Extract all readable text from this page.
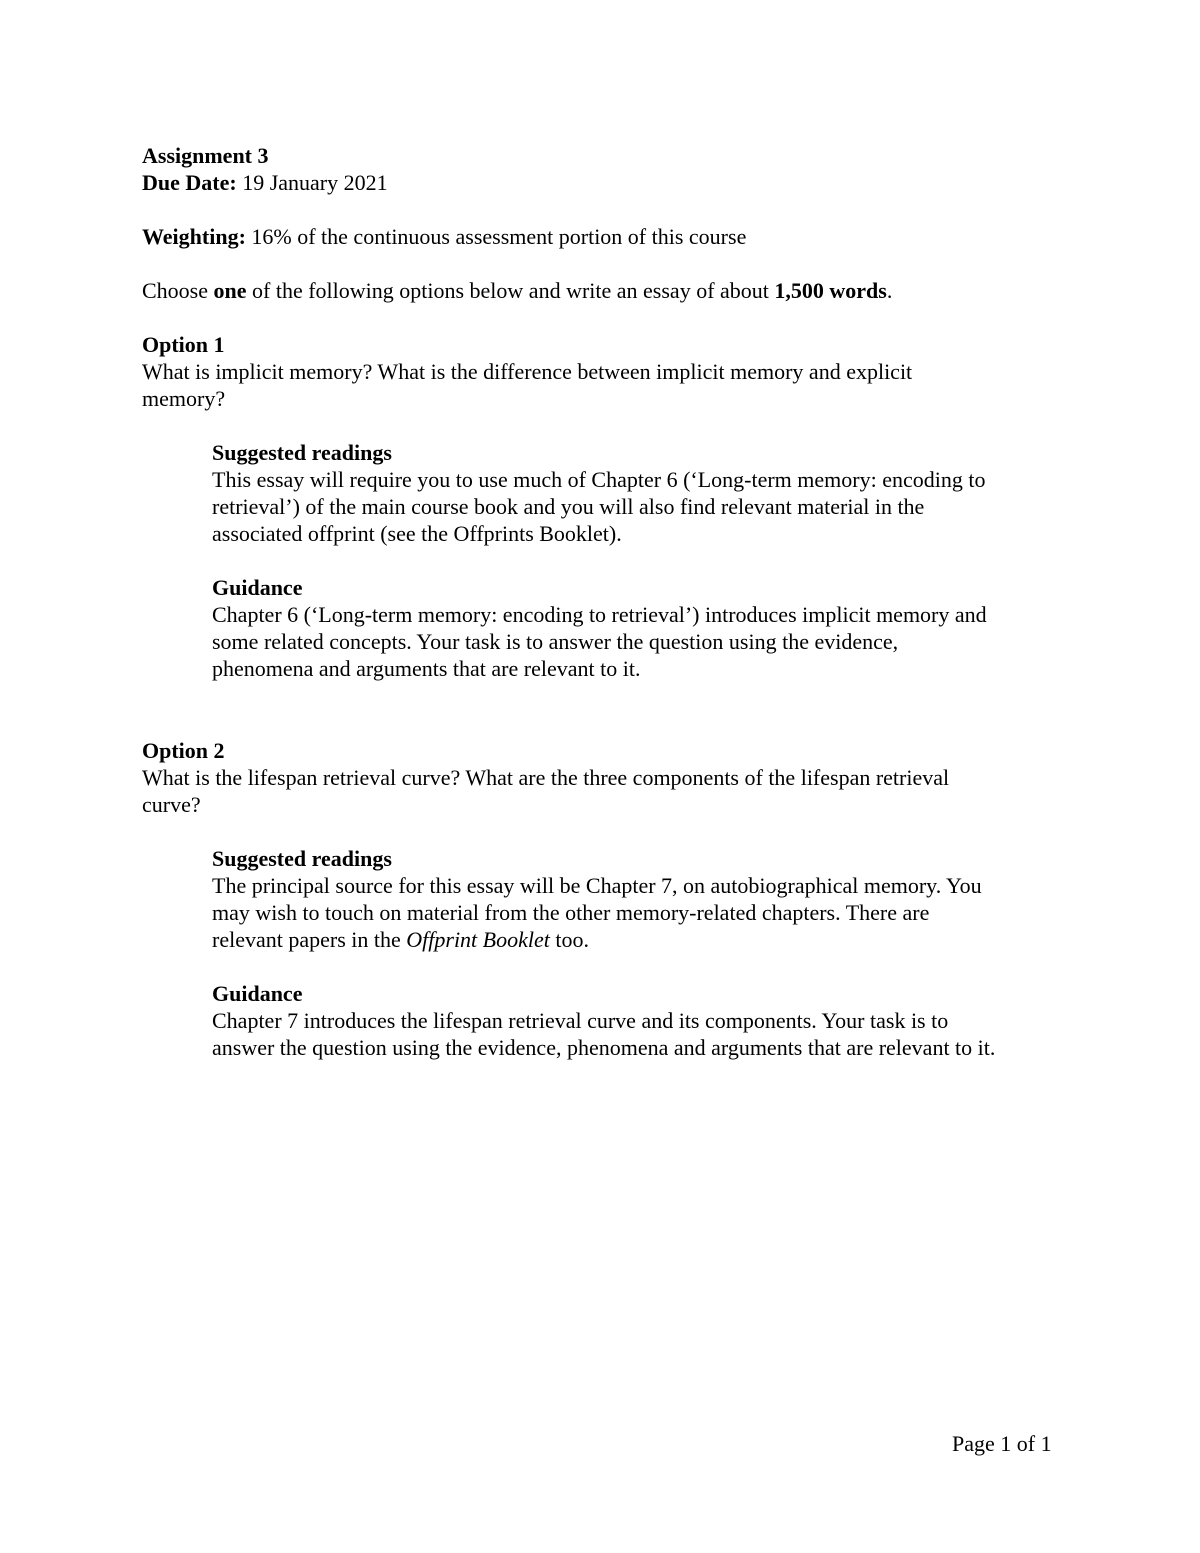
Assignment 3
Due Date: 19 January 2021
Weighting: 16% of the continuous assessment portion of this course
Choose one of the following options below and write an essay of about 1,500 words.
Option 1
What is implicit memory? What is the difference between implicit memory and explicit
memory?
Suggested readings
This essay will require you to use much of Chapter 6 (‘Long-term memory: encoding to
retrieval’) of the main course book and you will also find relevant material in the
associated offprint (see the Offprints Booklet).
Guidance
Chapter 6 (‘Long-term memory: encoding to retrieval’) introduces implicit memory and
some related concepts. Your task is to answer the question using the evidence,
phenomena and arguments that are relevant to it.
Option 2
What is the lifespan retrieval curve? What are the three components of the lifespan retrieval
curve?
Suggested readings
The principal source for this essay will be Chapter 7, on autobiographical memory. You
may wish to touch on material from the other memory-related chapters. There are
relevant papers in the Offprint Booklet too.
Guidance
Chapter 7 introduces the lifespan retrieval curve and its components. Your task is to
answer the question using the evidence, phenomena and arguments that are relevant to it.
Page 1 of 1
